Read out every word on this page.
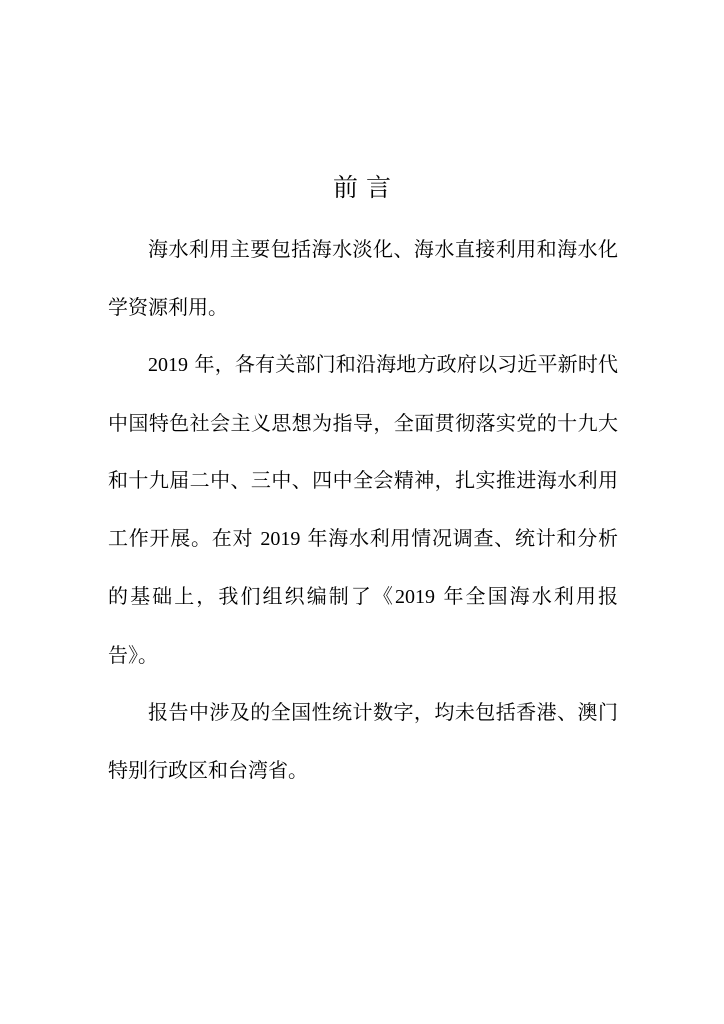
前 言

海水利用主要包括海水淡化、海水直接利用和海水化学资源利用。

2019 年，各有关部门和沿海地方政府以习近平新时代中国特色社会主义思想为指导，全面贯彻落实党的十九大和十九届二中、三中、四中全会精神，扎实推进海水利用工作开展。在对 2019 年海水利用情况调查、统计和分析的基础上，我们组织编制了《2019 年全国海水利用报告》。

报告中涉及的全国性统计数字，均未包括香港、澳门特别行政区和台湾省。
